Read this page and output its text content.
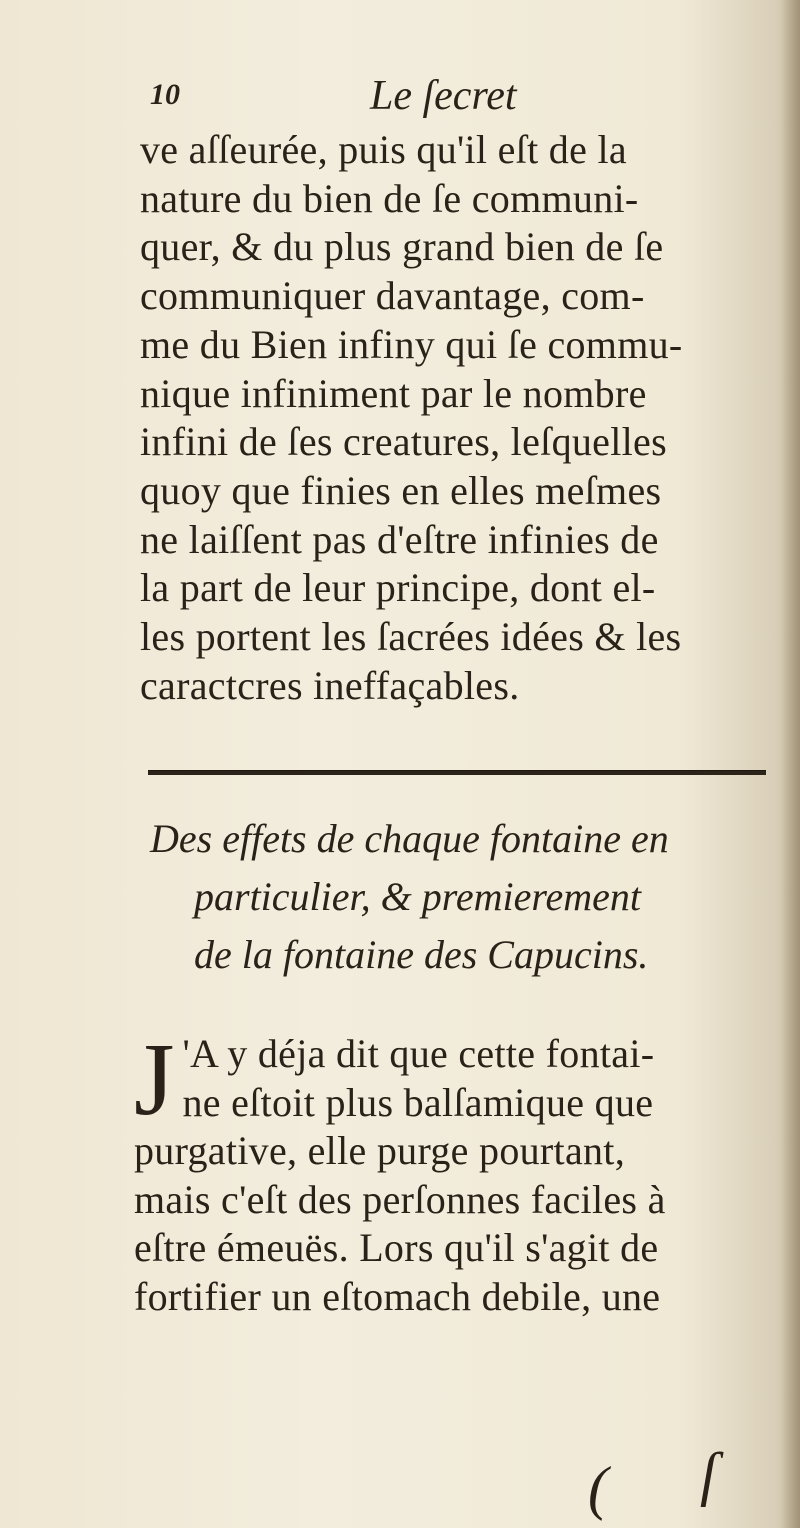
10	Le ſecret
ve aſſeurée, puis qu'il eſt de la
nature du bien de ſe communi-
quer, & du plus grand bien de ſe
communiquer davantage, com-
me du Bien infiny qui ſe commu-
nique infiniment par le nombre
infini de ſes creatures, leſquelles
quoy que finies en elles meſmes
ne laiſſent pas d'eſtre infinies de
la part de leur principe, dont el-
les portent les ſacrées idées & les
caractcres ineffaçables.
Des effets de chaque fontaine en
particulier, & premierement
de la fontaine des Capucins.
J 'A y déja dit que cette fontai-
ne eſtoit plus balſamique que
purgative, elle purge pourtant,
mais c'eſt des perſonnes faciles à
eſtre émeuës. Lors qu'il s'agit de
fortifier un eſtomach debile, une
( ſ
